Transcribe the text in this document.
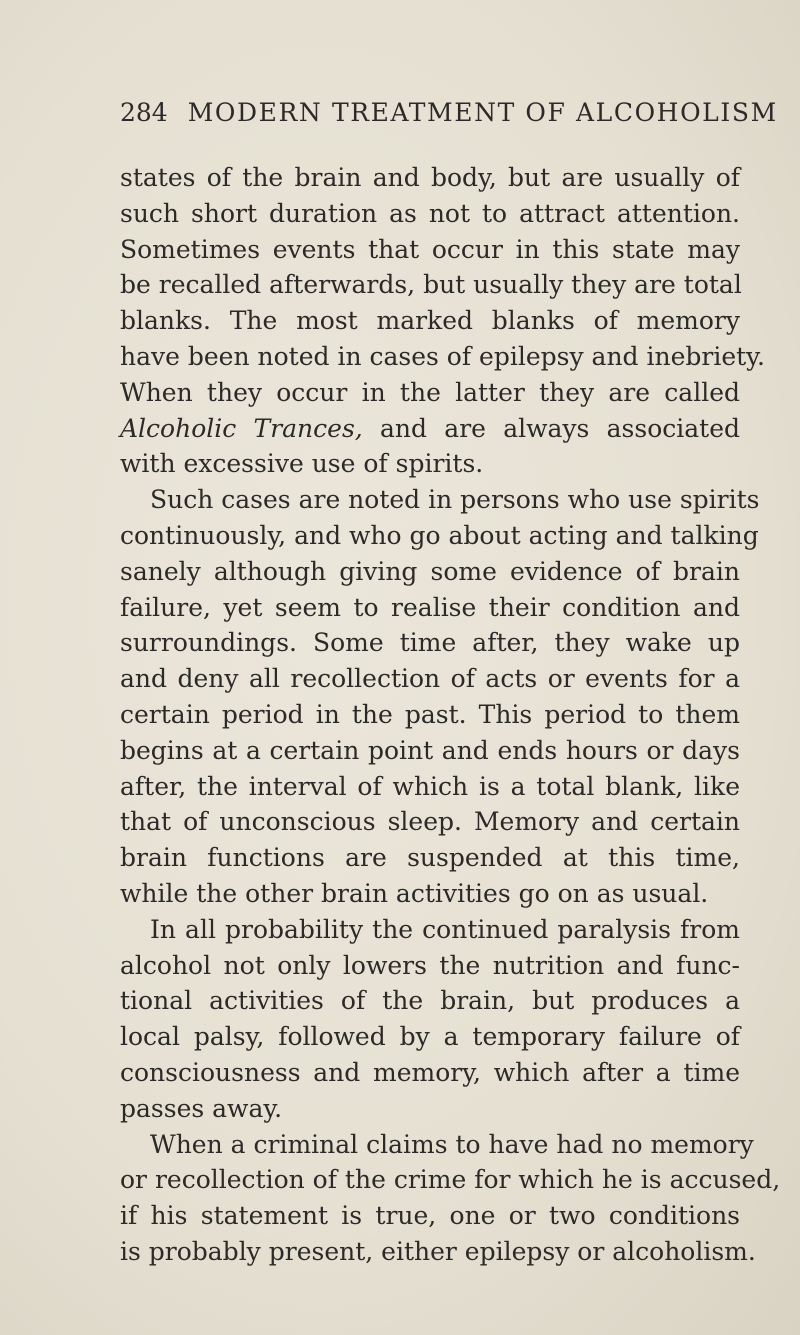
284 MODERN TREATMENT OF ALCOHOLISM
states of the brain and body, but are usually of
such short duration as not to attract attention.
Sometimes events that occur in this state may
be recalled afterwards, but usually they are total
blanks. The most marked blanks of memory
have been noted in cases of epilepsy and inebriety.
When they occur in the latter they are called
Alcoholic Trances, and are always associated
with excessive use of spirits.
Such cases are noted in persons who use spirits
continuously, and who go about acting and talking
sanely although giving some evidence of brain
failure, yet seem to realise their condition and
surroundings. Some time after, they wake up
and deny all recollection of acts or events for a
certain period in the past. This period to them
begins at a certain point and ends hours or days
after, the interval of which is a total blank, like
that of unconscious sleep. Memory and certain
brain functions are suspended at this time,
while the other brain activities go on as usual.
In all probability the continued paralysis from
alcohol not only lowers the nutrition and func-
tional activities of the brain, but produces a
local palsy, followed by a temporary failure of
consciousness and memory, which after a time
passes away.
When a criminal claims to have had no memory
or recollection of the crime for which he is accused,
if his statement is true, one or two conditions
is probably present, either epilepsy or alcoholism.
